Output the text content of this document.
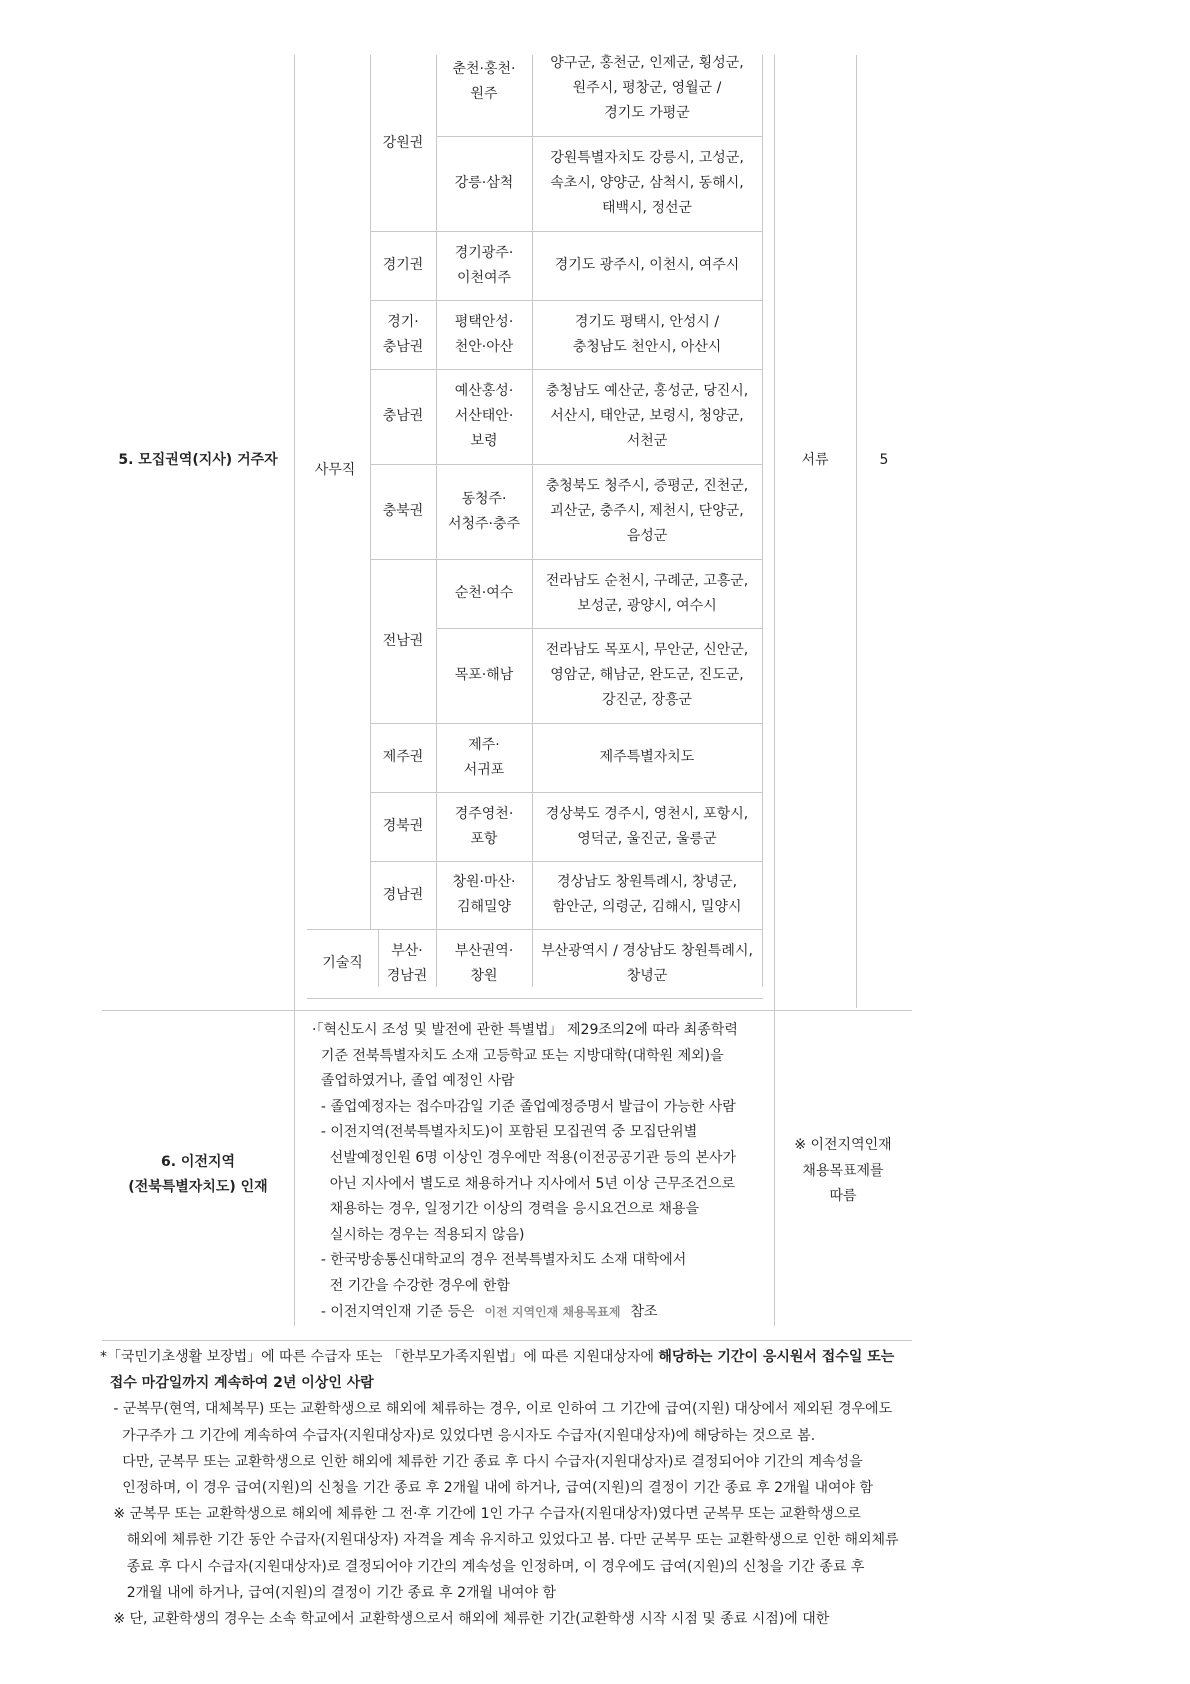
5. 모집권역(지사) 거주자
사무직
기술직
서류	5
강원권
경기권
경기·
충남권
충남권
충북권
전남권
제주권
경북권
경남권
부산·
경남권
춘천·홍천·
원주
강릉·삼척
경기광주·
이천여주
평택안성·
천안·아산
예산홍성·
서산태안·
보령
동청주·
서청주·충주
순천·여수
목포·해남
제주·
서귀포
경주영천·
포항
창원·마산·
김해밀양
부산권역·
창원
양구군, 홍천군, 인제군, 횡성군,
원주시, 평창군, 영월군 /
경기도 가평군
강원특별자치도 강릉시, 고성군,
속초시, 양양군, 삼척시, 동해시,
태백시, 정선군
경기도 광주시, 이천시, 여주시
경기도 평택시, 안성시 /
충청남도 천안시, 아산시
충청남도 예산군, 홍성군, 당진시,
서산시, 태안군, 보령시, 청양군,
서천군
충청북도 청주시, 증평군, 진천군,
괴산군, 충주시, 제천시, 단양군,
음성군
전라남도 순천시, 구례군, 고흥군,
보성군, 광양시, 여수시
전라남도 목포시, 무안군, 신안군,
영암군, 해남군, 완도군, 진도군,
강진군, 장흥군
제주특별자치도
경상북도 경주시, 영천시, 포항시,
영덕군, 울진군, 울릉군
경상남도 창원특례시, 창녕군,
함안군, 의령군, 김해시, 밀양시
부산광역시 / 경상남도 창원특례시,
창녕군
6. 이전지역
(전북특별자치도) 인재
·「혁신도시 조성 및 발전에 관한 특별법」 제29조의2에 따라 최종학력
기준 전북특별자치도 소재 고등학교 또는 지방대학(대학원 제외)을
졸업하였거나, 졸업 예정인 사람
- 졸업예정자는 접수마감일 기준 졸업예정증명서 발급이 가능한 사람
- 이전지역(전북특별자치도)이 포함된 모집권역 중 모집단위별
선발예정인원 6명 이상인 경우에만 적용(이전공공기관 등의 본사가
아닌 지사에서 별도로 채용하거나 지사에서 5년 이상 근무조건으로
채용하는 경우, 일정기간 이상의 경력을 응시요건으로 채용을
실시하는 경우는 적용되지 않음)
- 한국방송통신대학교의 경우 전북특별자치도 소재 대학에서
전 기간을 수강한 경우에 한함
- 이전지역인재 기준 등은 이전 지역인재 채용목표제 참조
※ 이전지역인재
채용목표제를
따름
*「국민기초생활 보장법」에 따른 수급자 또는 「한부모가족지원법」에 따른 지원대상자에 해당하는 기간이 응시원서 접수일 또는
접수 마감일까지 계속하여 2년 이상인 사람
- 군복무(현역, 대체복무) 또는 교환학생으로 해외에 체류하는 경우, 이로 인하여 그 기간에 급여(지원) 대상에서 제외된 경우에도
가구주가 그 기간에 계속하여 수급자(지원대상자)로 있었다면 응시자도 수급자(지원대상자)에 해당하는 것으로 봄.
다만, 군복무 또는 교환학생으로 인한 해외에 체류한 기간 종료 후 다시 수급자(지원대상자)로 결정되어야 기간의 계속성을
인정하며, 이 경우 급여(지원)의 신청을 기간 종료 후 2개월 내에 하거나, 급여(지원)의 결정이 기간 종료 후 2개월 내여야 함
※ 군복무 또는 교환학생으로 해외에 체류한 그 전·후 기간에 1인 가구 수급자(지원대상자)였다면 군복무 또는 교환학생으로
해외에 체류한 기간 동안 수급자(지원대상자) 자격을 계속 유지하고 있었다고 봄. 다만 군복무 또는 교환학생으로 인한 해외체류
종료 후 다시 수급자(지원대상자)로 결정되어야 기간의 계속성을 인정하며, 이 경우에도 급여(지원)의 신청을 기간 종료 후
2개월 내에 하거나, 급여(지원)의 결정이 기간 종료 후 2개월 내여야 함
※ 단, 교환학생의 경우는 소속 학교에서 교환학생으로서 해외에 체류한 기간(교환학생 시작 시점 및 종료 시점)에 대한
